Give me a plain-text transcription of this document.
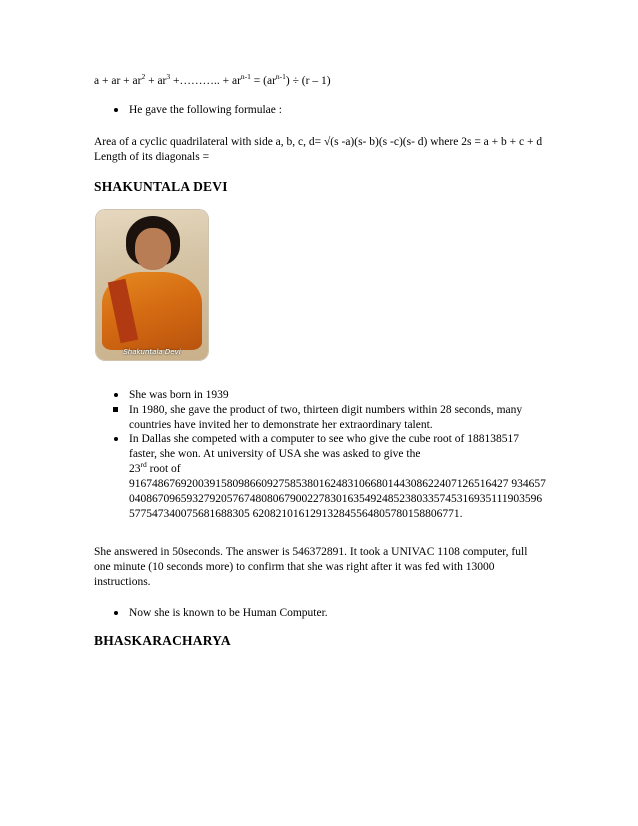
a + ar + $ar^2 + ar^3$ +……….. + $ar^{n-1} = (ar^{n-1}) \div (r - 1)$

He gave the following formulae :

Area of a cyclic quadrilateral with side a, b, c, d= √(s -a)(s- b)(s -c)(s- d) where 2s = a + b + c + d Length of its diagonals =

SHAKUNTALA DEVI
Shakuntala Devi
She was born in 1939
In 1980, she gave the product of two, thirteen digit numbers within 28 seconds, many countries have invited her to demonstrate her extraordinary talent.
In Dallas she competed with a computer to see who give the cube root of 188138517 faster, she won. At university of USA she was asked to give the
23rd root of
916748676920039158098660927585380162483106680144308622407126516427 934657040867096593279205767480806790022783016354924852380335745316935111903596577547340075681688305 620821016129132845564805780158806771.

She answered in 50seconds. The answer is 546372891. It took a UNIVAC 1108 computer, full one minute (10 seconds more) to confirm that she was right after it was fed with 13000 instructions.

Now she is known to be Human Computer.

BHASKARACHARYA
